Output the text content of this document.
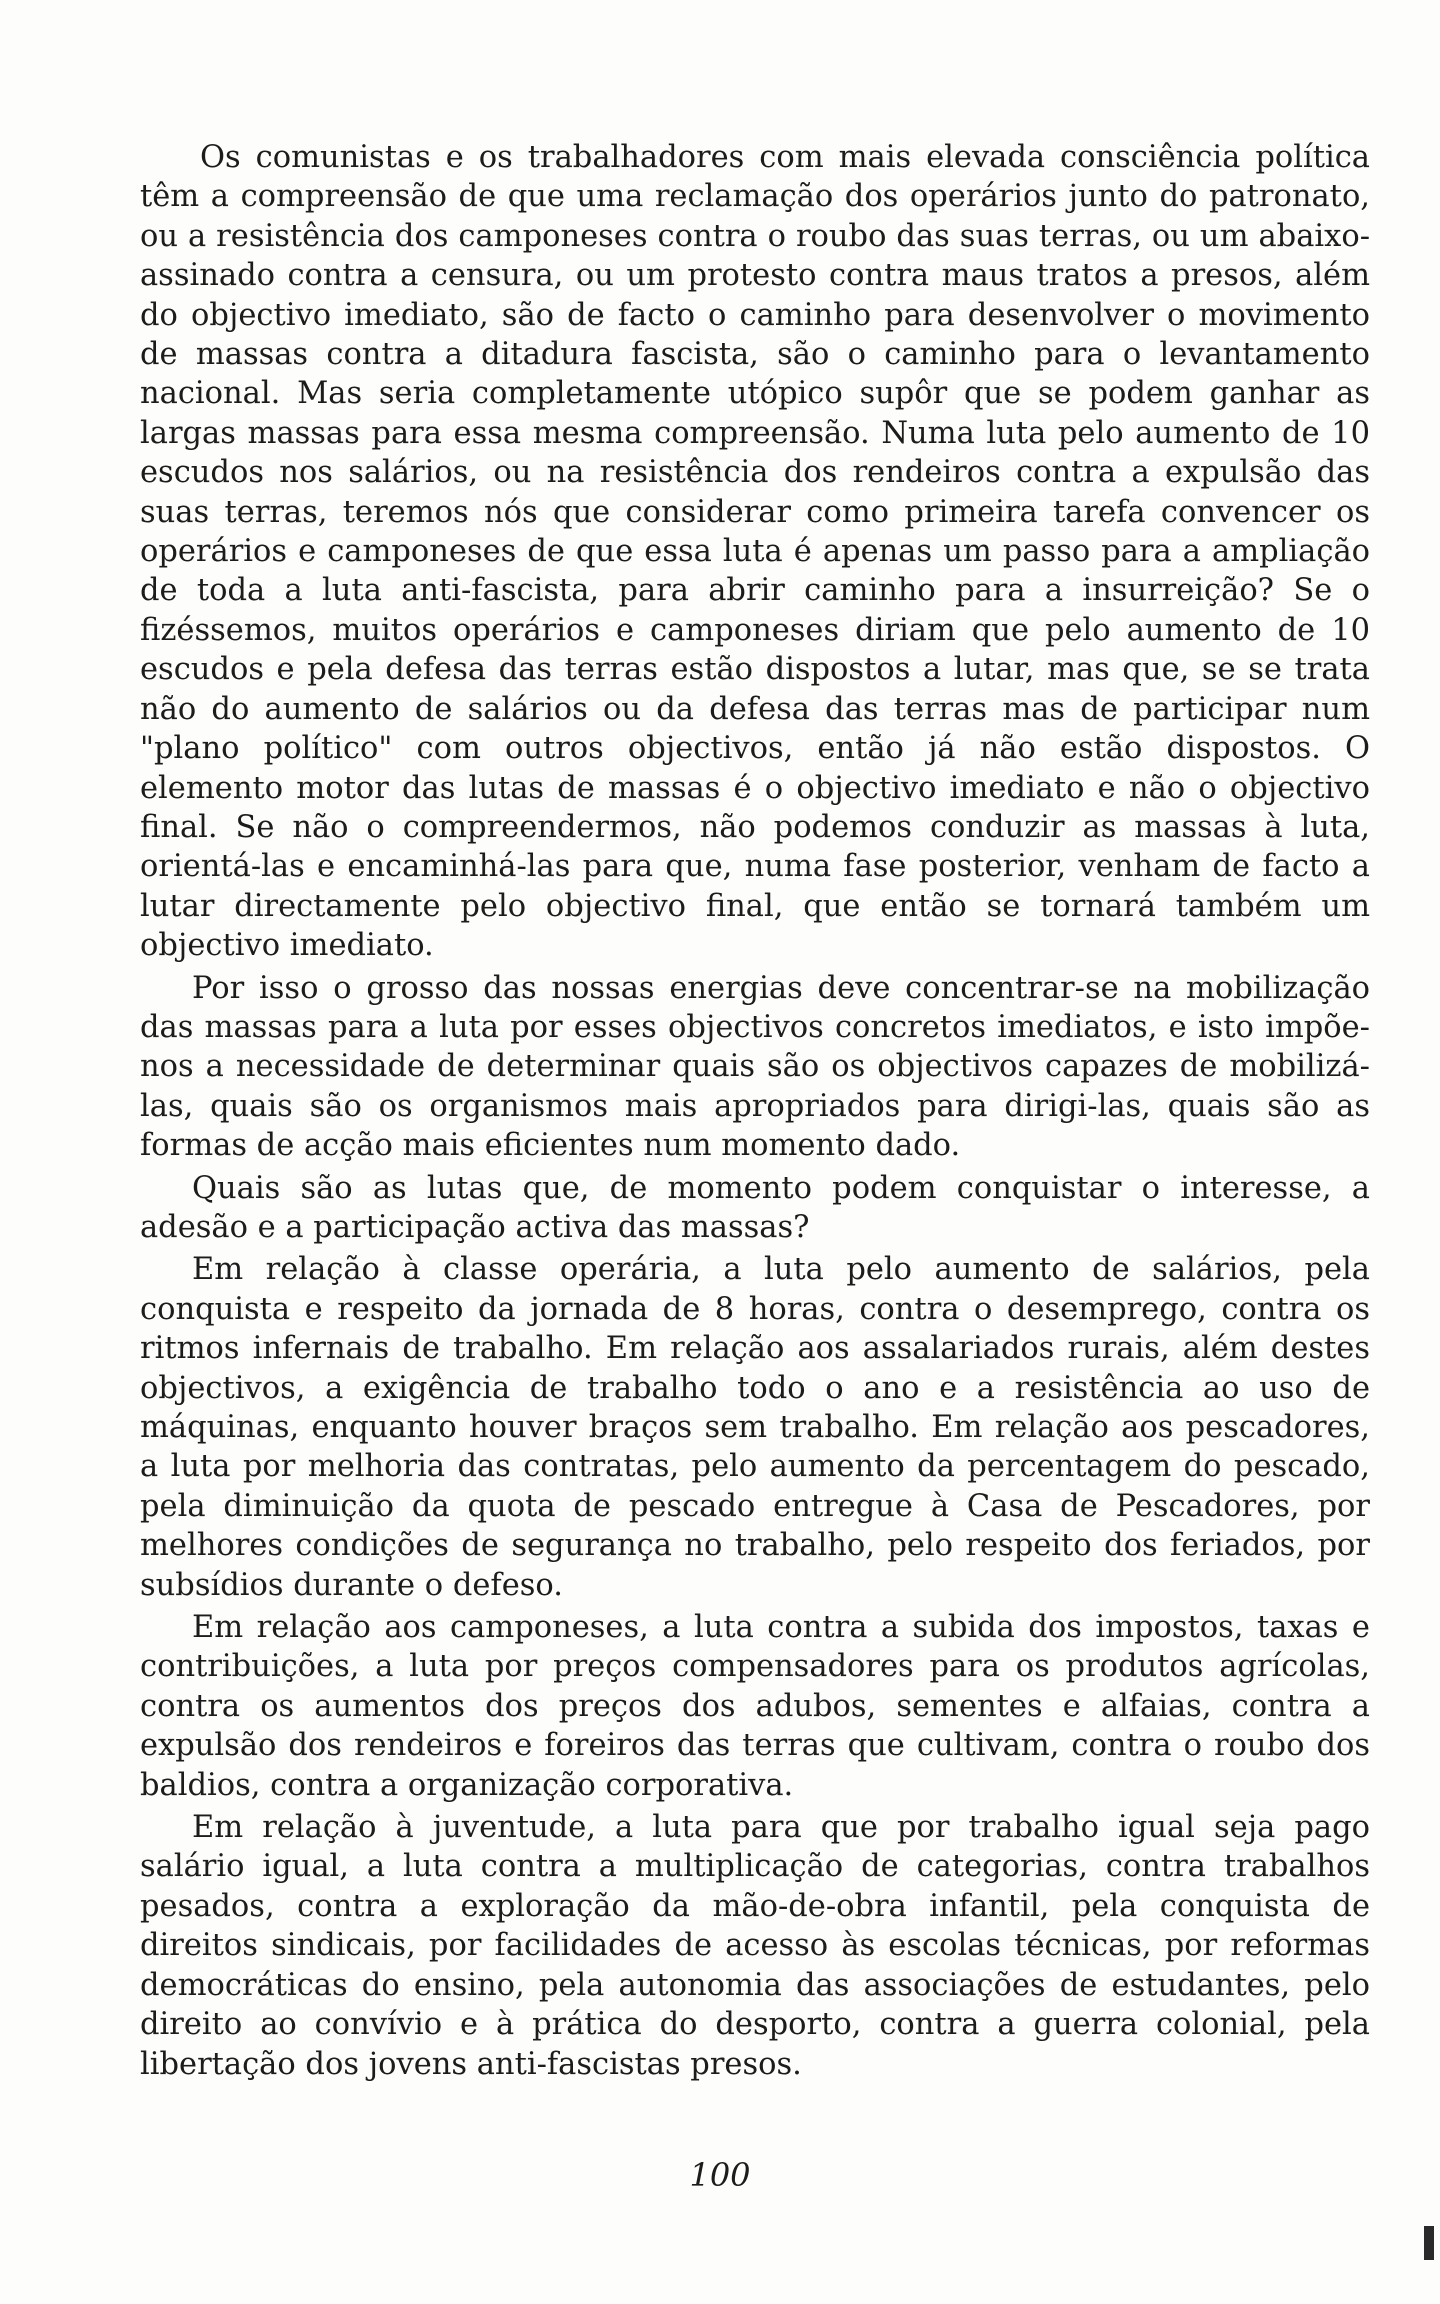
Os comunistas e os trabalhadores com mais elevada consciência política têm a compreensão de que uma reclamação dos operários junto do patronato, ou a resistência dos camponeses contra o roubo das suas terras, ou um abaixo-assinado contra a censura, ou um protesto contra maus tratos a presos, além do objectivo imediato, são de facto o caminho para desenvolver o movimento de massas contra a ditadura fascista, são o caminho para o levantamento nacional. Mas seria completamente utópico supôr que se podem ganhar as largas massas para essa mesma compreensão. Numa luta pelo aumento de 10 escudos nos salários, ou na resistência dos rendeiros contra a expulsão das suas terras, teremos nós que considerar como primeira tarefa convencer os operários e camponeses de que essa luta é apenas um passo para a ampliação de toda a luta anti-fascista, para abrir caminho para a insurreição? Se o fizéssemos, muitos operários e camponeses diriam que pelo aumento de 10 escudos e pela defesa das terras estão dispostos a lutar, mas que, se se trata não do aumento de salários ou da defesa das terras mas de participar num "plano político" com outros objectivos, então já não estão dispostos. O elemento motor das lutas de massas é o objectivo imediato e não o objectivo final. Se não o compreendermos, não podemos conduzir as massas à luta, orientá-las e encaminhá-las para que, numa fase posterior, venham de facto a lutar directamente pelo objectivo final, que então se tornará também um objectivo imediato.

Por isso o grosso das nossas energias deve concentrar-se na mobilização das massas para a luta por esses objectivos concretos imediatos, e isto impõe-nos a necessidade de determinar quais são os objectivos capazes de mobilizá-las, quais são os organismos mais apropriados para dirigi-las, quais são as formas de acção mais eficientes num momento dado.

Quais são as lutas que, de momento podem conquistar o interesse, a adesão e a participação activa das massas?

Em relação à classe operária, a luta pelo aumento de salários, pela conquista e respeito da jornada de 8 horas, contra o desemprego, contra os ritmos infernais de trabalho. Em relação aos assalariados rurais, além destes objectivos, a exigência de trabalho todo o ano e a resistência ao uso de máquinas, enquanto houver braços sem trabalho. Em relação aos pescadores, a luta por melhoria das contratas, pelo aumento da percentagem do pescado, pela diminuição da quota de pescado entregue à Casa de Pescadores, por melhores condições de segurança no trabalho, pelo respeito dos feriados, por subsídios durante o defeso.

Em relação aos camponeses, a luta contra a subida dos impostos, taxas e contribuições, a luta por preços compensadores para os produtos agrícolas, contra os aumentos dos preços dos adubos, sementes e alfaias, contra a expulsão dos rendeiros e foreiros das terras que cultivam, contra o roubo dos baldios, contra a organização corporativa.

Em relação à juventude, a luta para que por trabalho igual seja pago salário igual, a luta contra a multiplicação de categorias, contra trabalhos pesados, contra a exploração da mão-de-obra infantil, pela conquista de direitos sindicais, por facilidades de acesso às escolas técnicas, por reformas democráticas do ensino, pela autonomia das associações de estudantes, pelo direito ao convívio e à prática do desporto, contra a guerra colonial, pela libertação dos jovens anti-fascistas presos.

100
